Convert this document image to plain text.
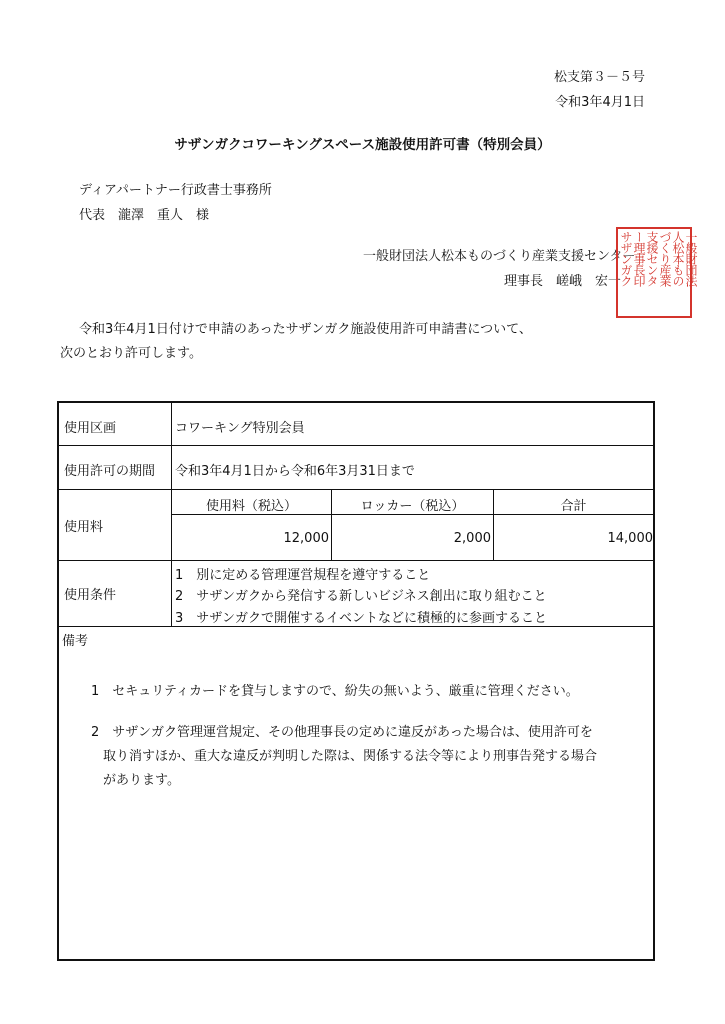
松支第３－５号
令和3年4月1日
サザンガクコワーキングスペース施設使用許可書（特別会員）
ディアパートナー行政書士事務所
代表　瀧澤　重人　様
一般財団法人松本ものづくり産業支援センター
理事長　嵯峨　宏一	一般財団法
人松本もの
づくり産業
支援センタ
ー理事長印
サザンガク
令和3年4月1日付けで申請のあったサザンガク施設使用許可申請書について、
次のとおり許可します。
使用区画	コワーキング特別会員
使用許可の期間 令和3年4月1日から令和6年3月31日まで
使用料
使用料（税込）	ロッカー（税込）	合計
12,000	2,000	14,000
使用条件
1　別に定める管理運営規程を遵守すること
2　サザンガクから発信する新しいビジネス創出に取り組むこと
3　サザンガクで開催するイベントなどに積極的に参画すること
備考
1　セキュリティカードを貸与しますので、紛失の無いよう、厳重に管理ください。
2　サザンガク管理運営規定、その他理事長の定めに違反があった場合は、使用許可を
取り消すほか、重大な違反が判明した際は、関係する法令等により刑事告発する場合
があります。
